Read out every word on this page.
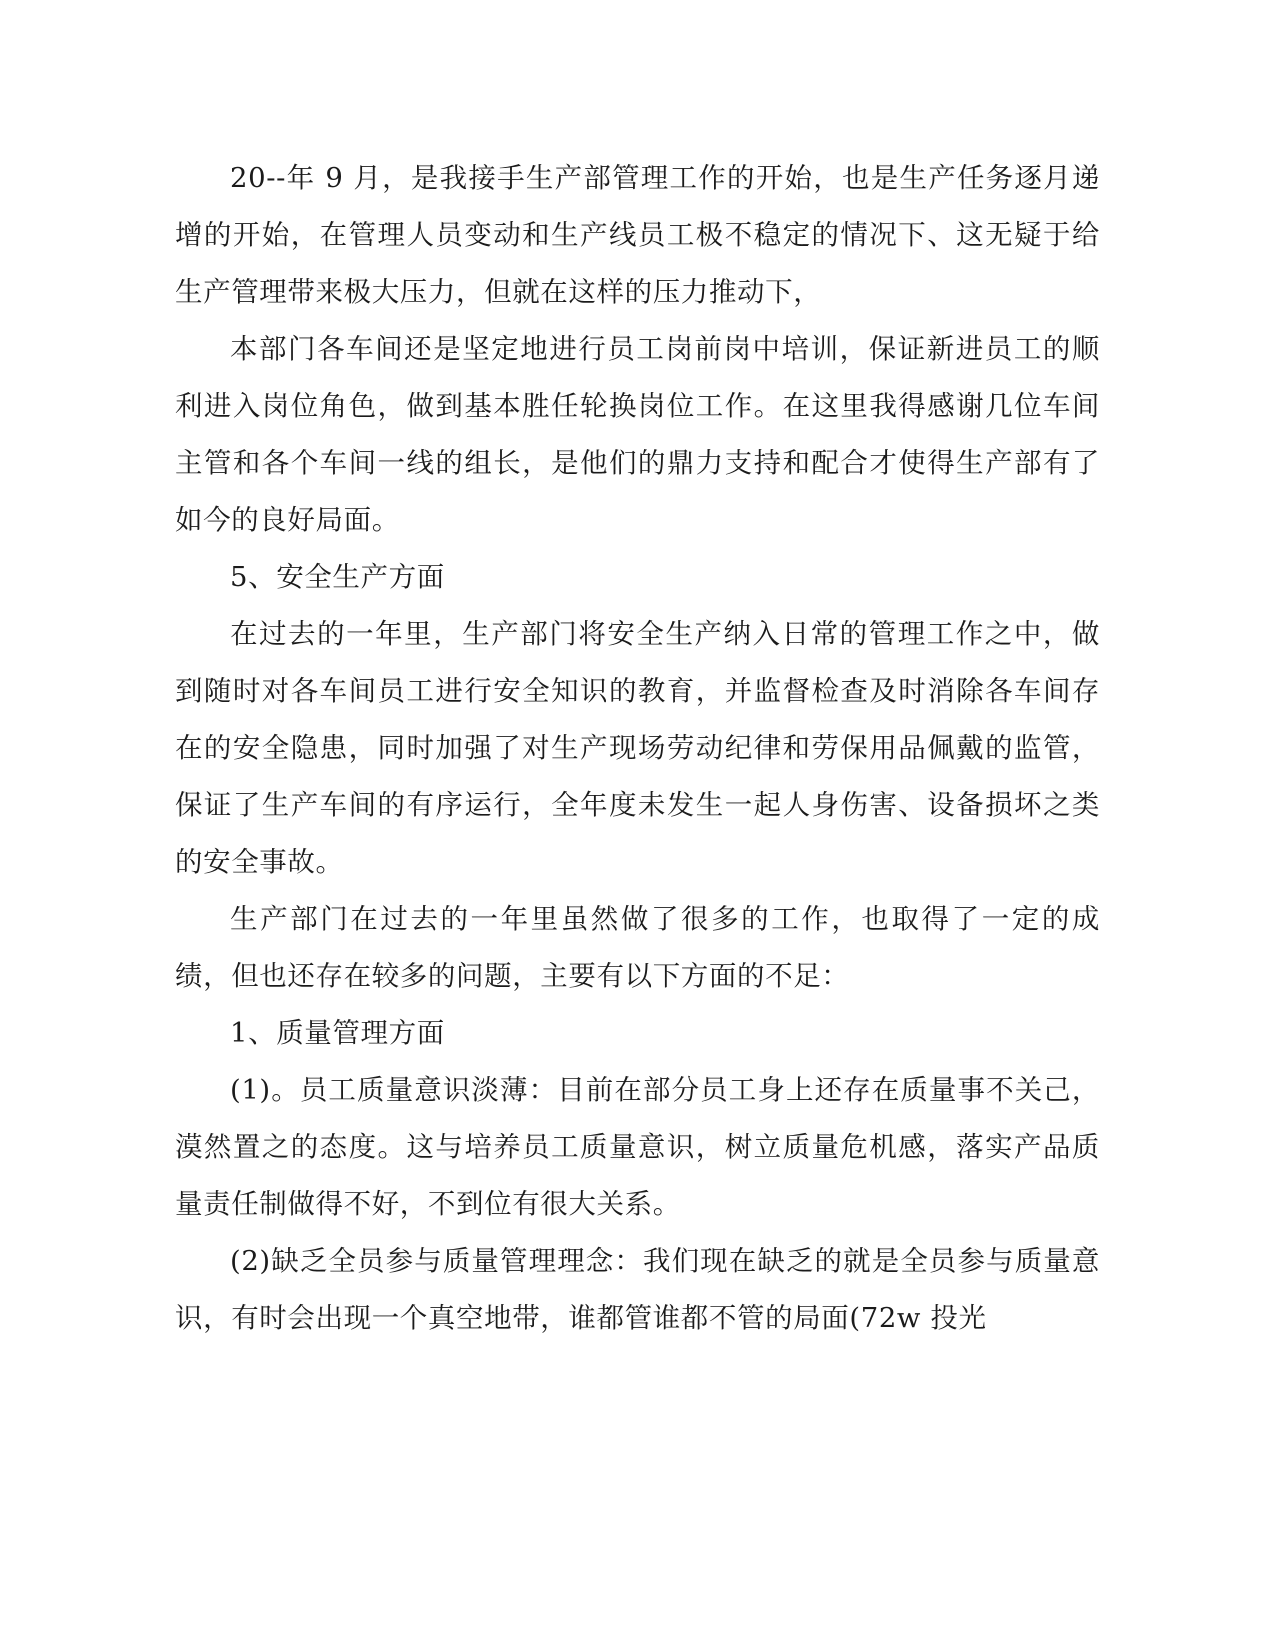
20--年 9 月，是我接手生产部管理工作的开始，也是生产任务逐月递增的开始，在管理人员变动和生产线员工极不稳定的情况下、这无疑于给生产管理带来极大压力，但就在这样的压力推动下，

本部门各车间还是坚定地进行员工岗前岗中培训，保证新进员工的顺利进入岗位角色，做到基本胜任轮换岗位工作。在这里我得感谢几位车间主管和各个车间一线的组长，是他们的鼎力支持和配合才使得生产部有了如今的良好局面。

5、安全生产方面

在过去的一年里，生产部门将安全生产纳入日常的管理工作之中，做到随时对各车间员工进行安全知识的教育，并监督检查及时消除各车间存在的安全隐患，同时加强了对生产现场劳动纪律和劳保用品佩戴的监管，保证了生产车间的有序运行，全年度未发生一起人身伤害、设备损坏之类的安全事故。

生产部门在过去的一年里虽然做了很多的工作，也取得了一定的成绩，但也还存在较多的问题，主要有以下方面的不足：

1、质量管理方面

(1)。员工质量意识淡薄：目前在部分员工身上还存在质量事不关己，漠然置之的态度。这与培养员工质量意识，树立质量危机感，落实产品质量责任制做得不好，不到位有很大关系。

(2)缺乏全员参与质量管理理念：我们现在缺乏的就是全员参与质量意识，有时会出现一个真空地带，谁都管谁都不管的局面(72w 投光
